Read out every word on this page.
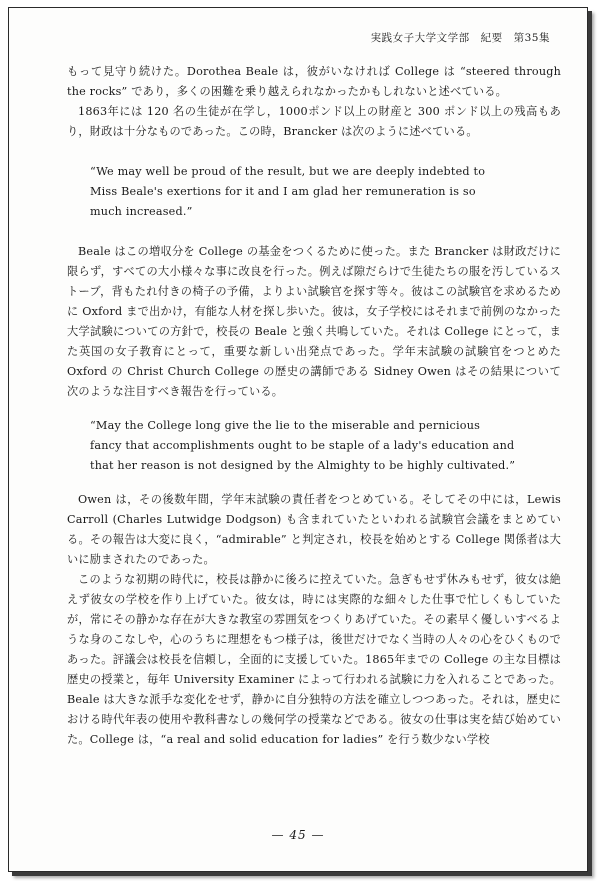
実践女子大学文学部　紀要　第35集

もって見守り続けた。Dorothea Beale は，彼がいなければ College は “steered through the rocks” であり，多くの困難を乗り越えられなかったかもしれないと述べている。

1863年には 120 名の生徒が在学し，1000ポンド以上の財産と 300 ポンド以上の残高もあり，財政は十分なものであった。この時，Brancker は次のように述べている。

“We may well be proud of the result, but we are deeply indebted to

Miss Beale's exertions for it and I am glad her remuneration is so

much increased.”

Beale はこの増収分を College の基金をつくるために使った。また Brancker は財政だけに限らず，すべての大小様々な事に改良を行った。例えば隙だらけで生徒たちの服を汚しているストーブ，背もたれ付きの椅子の予備，よりよい試験官を探す等々。彼はこの試験官を求めるために Oxford まで出かけ，有能な人材を探し歩いた。彼は，女子学校にはそれまで前例のなかった大学試験についての方針で，校長の Beale と強く共鳴していた。それは College にとって，また英国の女子教育にとって，重要な新しい出発点であった。学年末試験の試験官をつとめた Oxford の Christ Church College の歴史の講師である Sidney Owen はその結果について次のような注目すべき報告を行っている。

“May the College long give the lie to the miserable and pernicious

fancy that accomplishments ought to be staple of a lady's education and

that her reason is not designed by the Almighty to be highly cultivated.”

Owen は，その後数年間，学年末試験の責任者をつとめている。そしてその中には，Lewis Carroll (Charles Lutwidge Dodgson) も含まれていたといわれる試験官会議をまとめている。その報告は大変に良く，“admirable” と判定され，校長を始めとする College 関係者は大いに励まされたのであった。

このような初期の時代に，校長は静かに後ろに控えていた。急ぎもせず休みもせず，彼女は絶えず彼女の学校を作り上げていた。彼女は，時には実際的な細々した仕事で忙しくもしていたが，常にその静かな存在が大きな教室の雰囲気をつくりあげていた。その素早く優しいすべるような身のこなしや，心のうちに理想をもつ様子は，後世だけでなく当時の人々の心をひくものであった。評議会は校長を信頼し，全面的に支援していた。1865年までの College の主な目標は歴史の授業と，毎年 University Examiner によって行われる試験に力を入れることであった。Beale は大きな派手な変化をせず，静かに自分独特の方法を確立しつつあった。それは，歴史における時代年表の使用や教科書なしの幾何学の授業などである。彼女の仕事は実を結び始めていた。College は，“a real and solid education for ladies” を行う数少ない学校

— 45 —
